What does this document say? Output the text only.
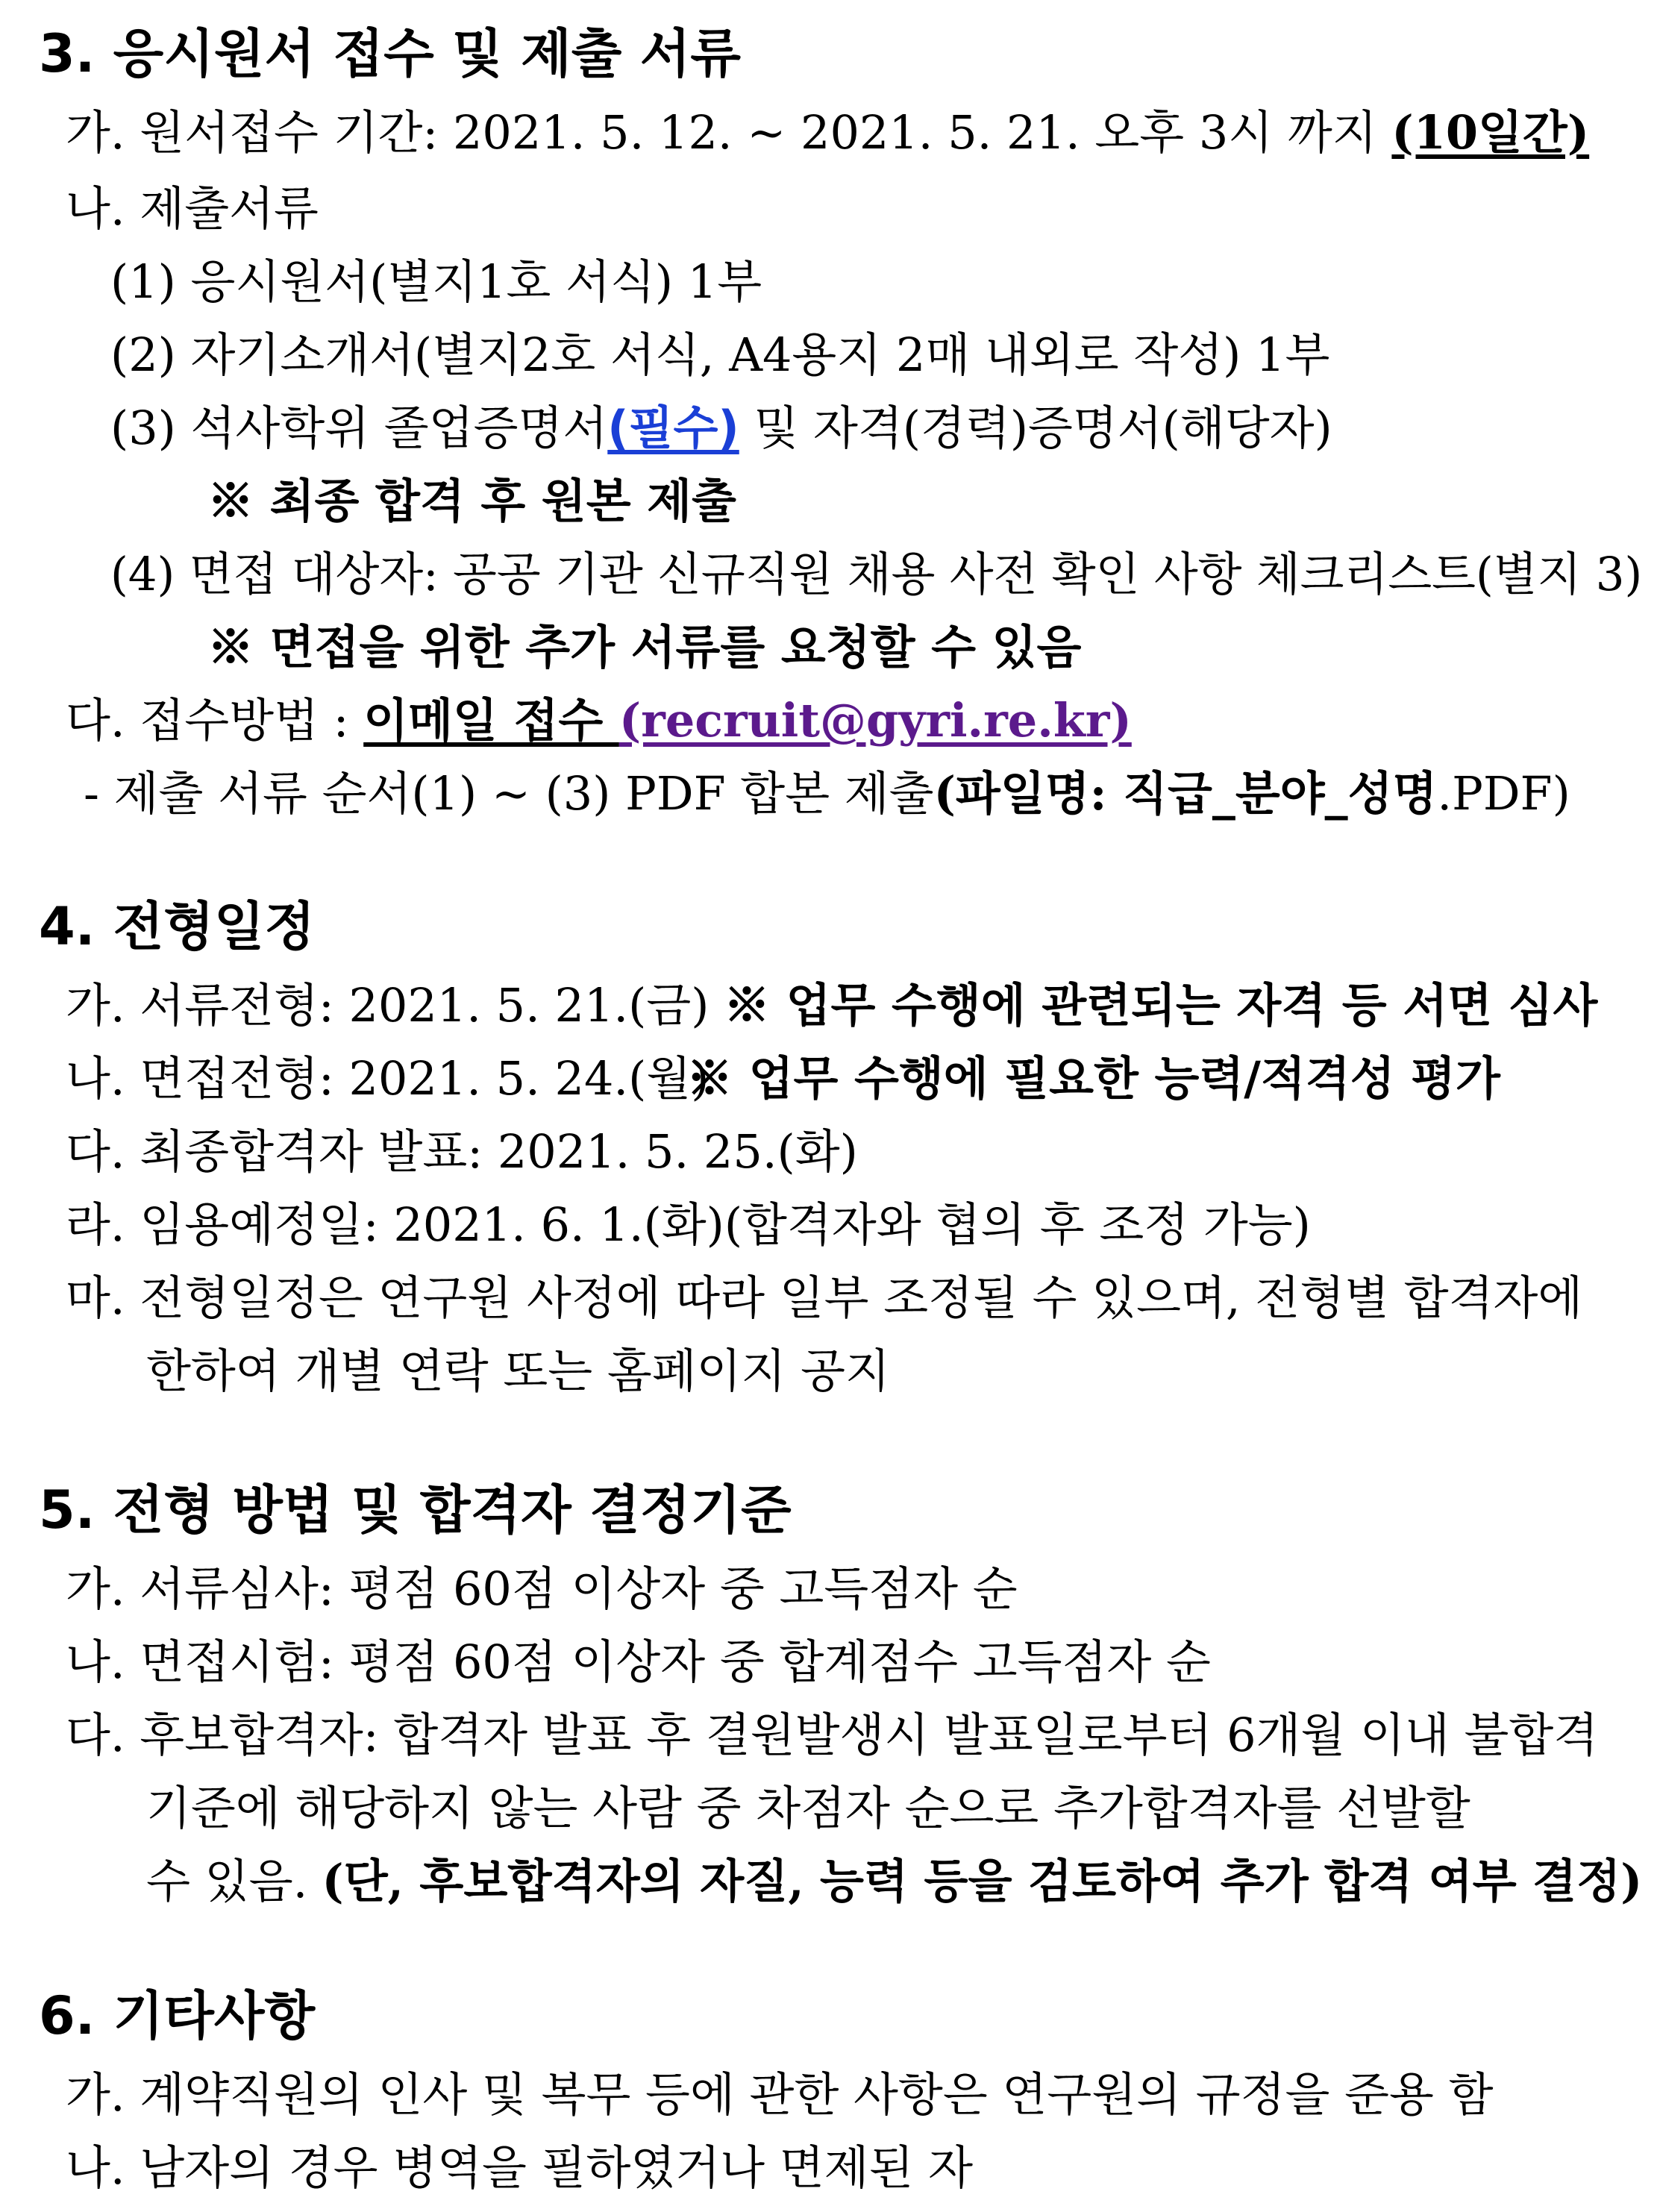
3. 응시원서 접수 및 제출 서류
가. 원서접수 기간: 2021. 5. 12. ~ 2021. 5. 21. 오후 3시 까지 (10일간)
나. 제출서류
(1) 응시원서(별지1호 서식) 1부
(2) 자기소개서(별지2호 서식, A4용지 2매 내외로 작성) 1부
(3) 석사학위 졸업증명서(필수) 및 자격(경력)증명서(해당자)
※ 최종 합격 후 원본 제출
(4) 면접 대상자: 공공 기관 신규직원 채용 사전 확인 사항 체크리스트(별지 3)
※ 면접을 위한 추가 서류를 요청할 수 있음
다. 접수방법 : 이메일 접수 (recruit@gyri.re.kr)
- 제출 서류 순서(1) ~ (3) PDF 합본 제출(파일명: 직급_분야_성명.PDF)
4. 전형일정
가. 서류전형: 2021. 5. 21.(금) ※ 업무 수행에 관련되는 자격 등 서면 심사
나. 면접전형: 2021. 5. 24.(월)
※ 업무 수행에 필요한 능력/적격성 평가
다. 최종합격자 발표: 2021. 5. 25.(화)
라. 임용예정일: 2021. 6. 1.(화)(합격자와 협의 후 조정 가능)
마. 전형일정은 연구원 사정에 따라 일부 조정될 수 있으며, 전형별 합격자에
한하여 개별 연락 또는 홈페이지 공지
5. 전형 방법 및 합격자 결정기준
가. 서류심사: 평점 60점 이상자 중 고득점자 순
나. 면접시험: 평점 60점 이상자 중 합계점수 고득점자 순
다. 후보합격자: 합격자 발표 후 결원발생시 발표일로부터 6개월 이내 불합격
기준에 해당하지 않는 사람 중 차점자 순으로 추가합격자를 선발할
수 있음. (단, 후보합격자의 자질, 능력 등을 검토하여 추가 합격 여부 결정)
6. 기타사항
가. 계약직원의 인사 및 복무 등에 관한 사항은 연구원의 규정을 준용 함
나. 남자의 경우 병역을 필하였거나 면제된 자
